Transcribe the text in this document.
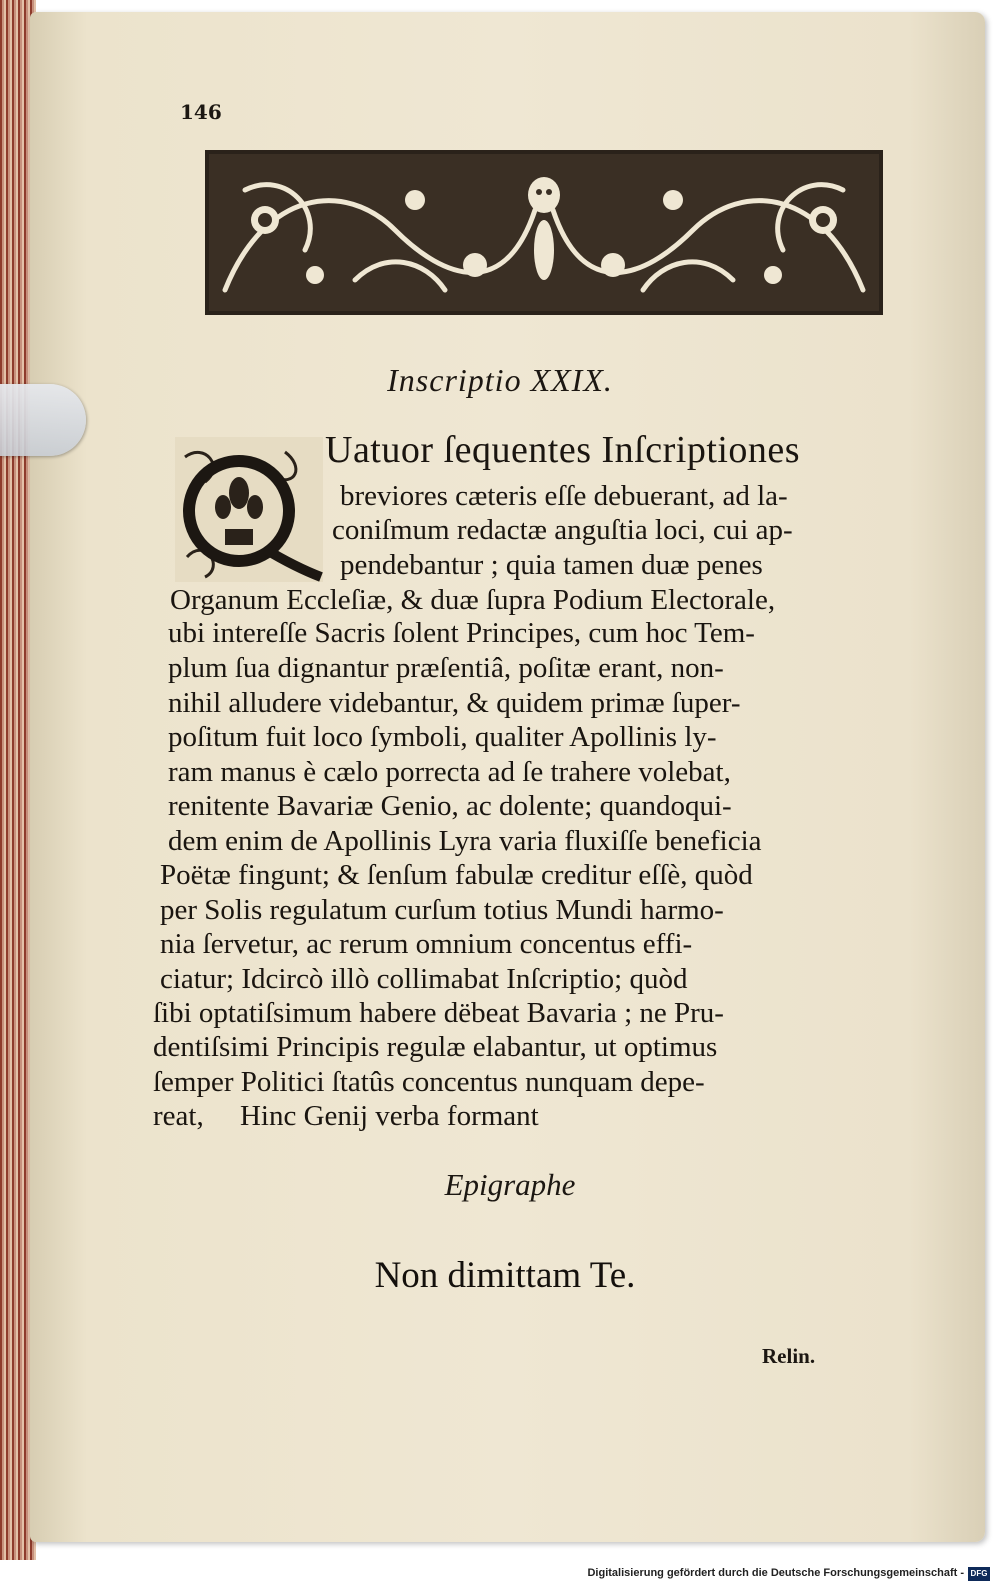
146
Inscriptio XXIX.
Uatuor ſequentes Inſcriptiones
breviores cæteris eſſe debuerant, ad la-
coniſmum redactæ anguſtia loci, cui ap-
pendebantur ; quia tamen duæ penes
Organum Eccleſiæ, & duæ ſupra Podium Electorale,
ubi intereſſe Sacris ſolent Principes, cum hoc Tem-
plum ſua dignantur præſentiâ, poſitæ erant, non-
nihil alludere videbantur, & quidem primæ ſuper-
poſitum fuit loco ſymboli, qualiter Apollinis ly-
ram manus è cælo porrecta ad ſe trahere volebat,
renitente Bavariæ Genio, ac dolente; quandoqui-
dem enim de Apollinis Lyra varia fluxiſſe beneficia
Poëtæ fingunt; & ſenſum fabulæ creditur eſſè, quòd
per Solis regulatum curſum totius Mundi harmo-
nia ſervetur, ac rerum omnium concentus effi-
ciatur; Idcircò illò collimabat Inſcriptio; quòd
ſibi optatiſsimum habere dëbeat Bavaria ; ne Pru-
dentiſsimi Principis regulæ elabantur, ut optimus
ſemper Politici ſtatûs concentus nunquam depe-
reat,     Hinc Genij verba formant
Epigraphe
Non dimittam Te.
Relin.
Digitalisierung gefördert durch die Deutsche Forschungsgemeinschaft - DFG
